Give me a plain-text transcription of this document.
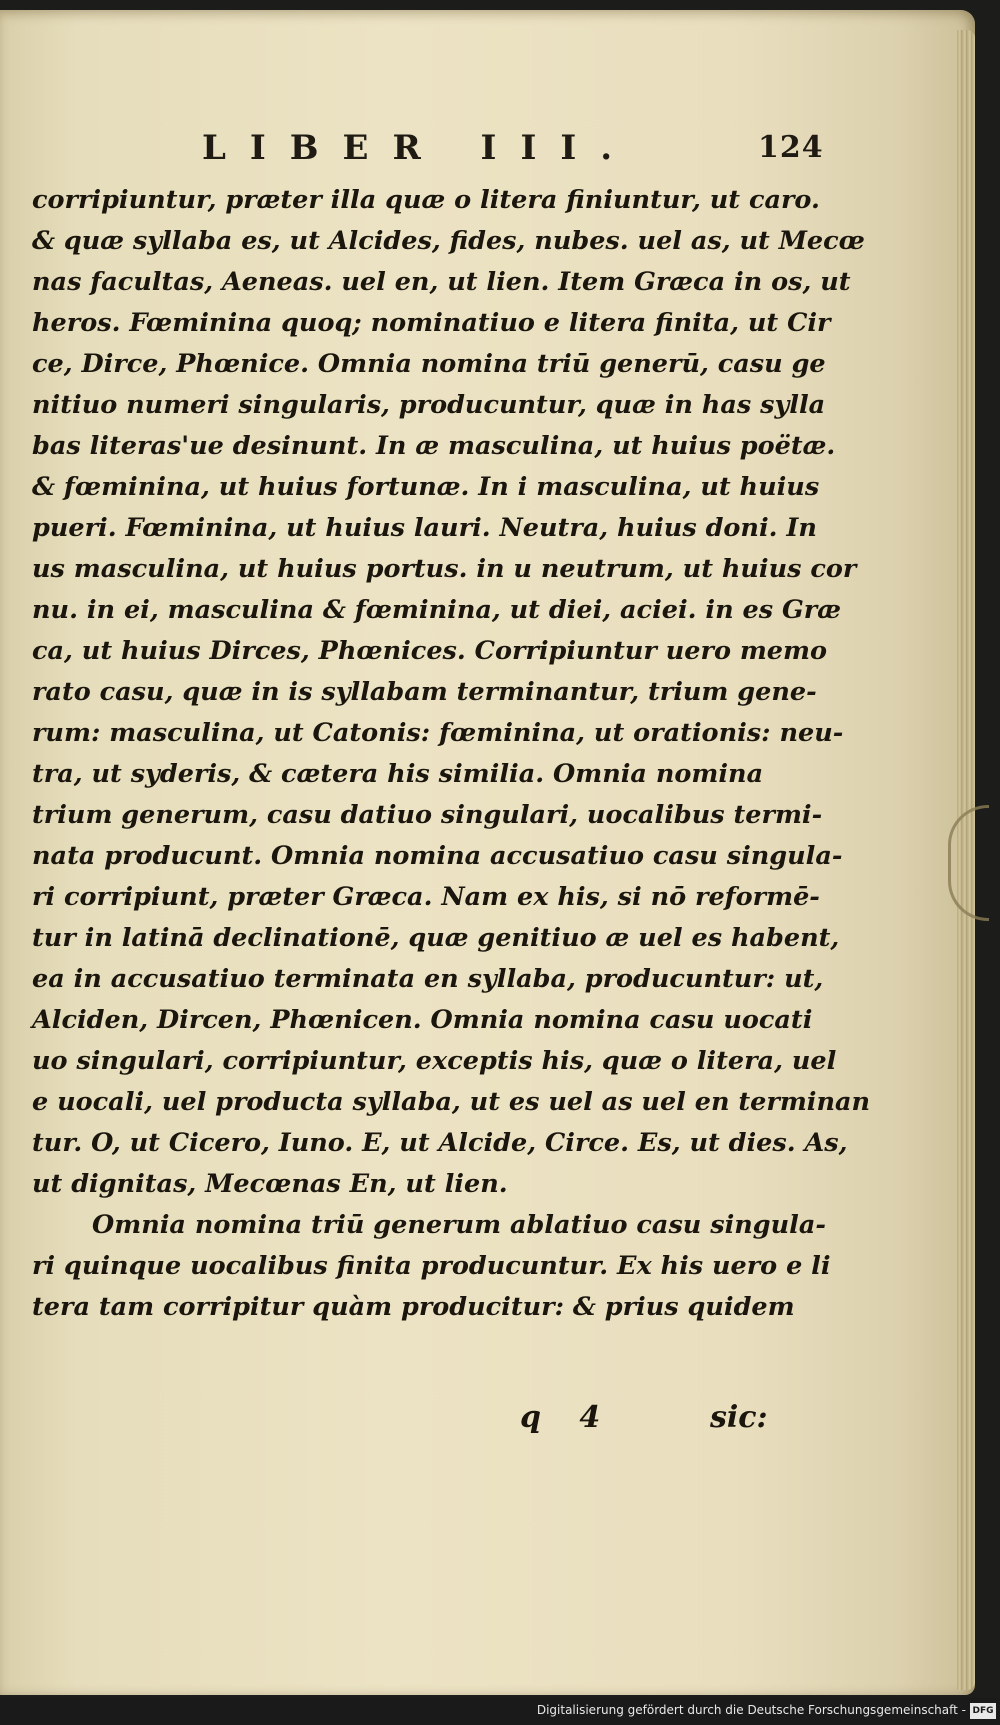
LIBER III.	124
corripiuntur, præter illa quæ o litera finiuntur, ut caro.
& quæ syllaba es, ut Alcides, fides, nubes. uel as, ut Mecœ
nas facultas, Aeneas. uel en, ut lien. Item Græca in os, ut
heros. Fœminina quoq; nominatiuo e litera finita, ut Cir
ce, Dirce, Phœnice. Omnia nomina triū generū, casu ge
nitiuo numeri singularis, producuntur, quæ in has sylla
bas literas'ue desinunt. In æ masculina, ut huius poëtæ.
& fœminina, ut huius fortunæ. In i masculina, ut huius
pueri. Fœminina, ut huius lauri. Neutra, huius doni. In
us masculina, ut huius portus. in u neutrum, ut huius cor
nu. in ei, masculina & fœminina, ut diei, aciei. in es Græ
ca, ut huius Dirces, Phœnices. Corripiuntur uero memo
rato casu, quæ in is syllabam terminantur, trium gene-
rum: masculina, ut Catonis: fœminina, ut orationis: neu-
tra, ut syderis, & cætera his similia. Omnia nomina
trium generum, casu datiuo singulari, uocalibus termi-
nata producunt. Omnia nomina accusatiuo casu singula-
ri corripiunt, præter Græca. Nam ex his, si nō reformē-
tur in latinā declinationē, quæ genitiuo æ uel es habent,
ea in accusatiuo terminata en syllaba, producuntur: ut,
Alciden, Dircen, Phœnicen. Omnia nomina casu uocati
uo singulari, corripiuntur, exceptis his, quæ o litera, uel
e uocali, uel producta syllaba, ut es uel as uel en terminan
tur. O, ut Cicero, Iuno. E, ut Alcide, Circe. Es, ut dies. As,
ut dignitas, Mecœnas En, ut lien.
Omnia nomina triū generum ablatiuo casu singula-
ri quinque uocalibus finita producuntur. Ex his uero e li
tera tam corripitur quàm producitur: & prius quidem
q 4	sic:
Digitalisierung gefördert durch die Deutsche Forschungsgemeinschaft - DFG
